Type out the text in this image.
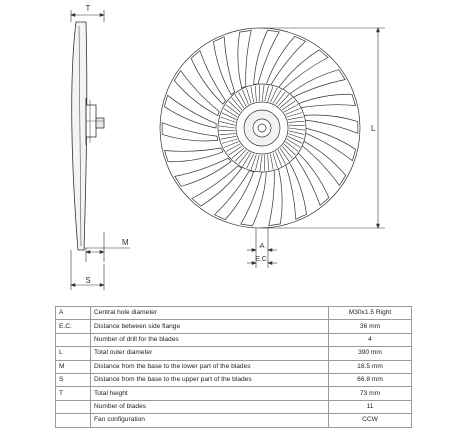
T
M
S
L
A
E.C.
A	Central hole diameter	M30x1.5 Right
E.C.	Distance between side flange	36 mm
	Number of drill for the blades	4
L	Total outer diameter	390 mm
M	Distance from the base to the lower part of the blades	18.5 mm
S	Distance from the base to the upper part of the blades	66.8 mm
T	Total height	73 mm
	Number of blades	11
	Fan configuration	CCW
